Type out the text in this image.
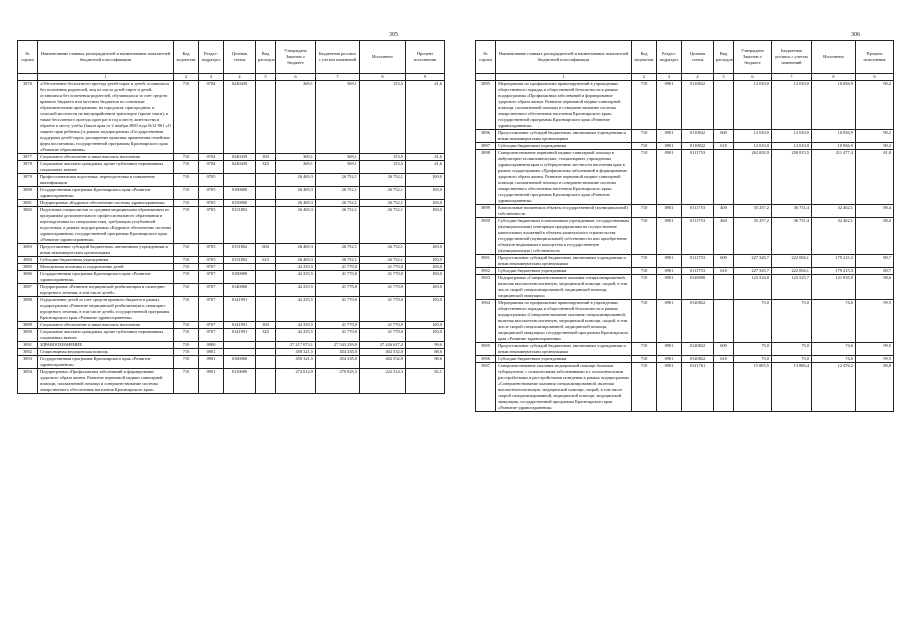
305
№ строки	Наименование главных распорядителей и наименование показателей бюджетной классификации	Код ведомства	Раздел-подраздел	Целевая статья	Вид расходов	Утверждено Законом о бюджете	Бюджетная роспись с учетом изменений	Исполнено	Процент исполнения
	1	2	3	4	5	6	7	8	9
3876	«Обеспечение бесплатного проезда детей-сирот и детей, оставшихся без попечения родителей, лиц из числа детей-сирот и детей, оставшихся без попечения родителей, обучающихся за счет средств краевого бюджета или местных бюджетов по основным образовательным программам, на городском, пригородном, в сельской местности на внутрирайонном транспорте (кроме такси), а также бесплатного проезда один раз в год к месту жительства и обратно к месту учебы (Закон края от 2 ноября 2000 года №12-961 «О защите прав ребенка») в рамках подпрограммы «Государственная поддержка детей-сирот, расширение практики применения семейных форм воспитания» государственной программы Красноярского края «Развитие образования»	710	0704	0240439		369,1	369,1	153,5	41,6
3877	Социальное обеспечение и иные выплаты населению	710	0704	0240439	300	369,1	369,1	153,5	41,6
3878	Социальные выплаты гражданам, кроме публичных нормативных социальных выплат	710	0704	0240439	320	369,1	369,1	153,5	41,6
3879	Профессиональная подготовка, переподготовка и повышение квалификации	710	0705			26 469,3	26 752,1	26 752,1	100,0
3880	Государственная программа Красноярского края «Развитие здравоохранения»	710	0705	0100000		26 469,3	26 752,1	26 752,1	100,0
3881	Подпрограмма «Кадровое обеспечение системы здравоохранения»	710	0705	0150000		26 469,3	26 752,1	26 752,1	100,0
3882	Подготовка специалистов со средним медицинским образованием по программам дополнительного профессионального образования и переподготовка по специальностям, требующим углубленной подготовки, в рамках подпрограммы «Кадровое обеспечение системы здравоохранения» государственной программы Красноярского края «Развитие здравоохранения»	710	0705	0151802		26 469,3	26 752,1	26 752,1	100,0
3883	Предоставление субсидий бюджетным, автономным учреждениям и иным некоммерческим организациям	710	0705	0151802	600	26 469,3	26 752,1	26 752,1	100,0
3884	Субсидии бюджетным учреждениям	710	0705	0151802	610	26 469,3	26 752,1	26 752,1	100,0
3885	Молодежная политика и оздоровление детей	710	0707			42 235,5	41 770,0	41 770,0	100,0
3886	Государственная программа Красноярского края «Развитие здравоохранения»	710	0707	0100000		42 235,5	41 770,0	41 770,0	100,0
3887	Подпрограмма «Развитие медицинской реабилитации и санаторно-курортного лечения, в том числе детей»	710	0707	0140000		42 235,5	41 770,0	41 770,0	100,0
3888	Оздоровление детей за счет средств краевого бюджета в рамках подпрограммы «Развитие медицинской реабилитации и санаторно-курортного лечения, в том числе детей» государственной программы Красноярского края «Развитие здравоохранения»	710	0707	0141991		42 235,5	41 770,0	41 770,0	100,0
3889	Социальное обеспечение и иные выплаты населению	710	0707	0141991	300	42 235,5	41 770,0	41 770,0	100,0
3890	Социальные выплаты гражданам, кроме публичных нормативных социальных выплат	710	0707	0141991	320	42 235,5	41 770,0	41 770,0	100,0
3891	ЗДРАВООХРАНЕНИЕ	710	0900			27 217 073,1	27 543 239,9	27 426 617,2	99,6
3892	Стационарная медицинская помощь	710	0901			458 321,5	454 335,0	402 532,0	88,6
3893	Государственная программа Красноярского края «Развитие здравоохранения»	710	0901	0100000		458 321,5	454 335,0	402 532,0	88,6
3894	Подпрограмма «Профилактика заболеваний и формирование здорового образа жизни. Развитие первичной медико-санитарной помощи, паллиативной помощи и совершенствование системы лекарственного обеспечения населения Красноярского края»	710	0901	0110000		274 012,9	270 825,5	222 314,3	82,1
306
№ строки	Наименование главных распорядителей и наименование показателей бюджетной классификации	Код ведомства	Раздел-подраздел	Целевая статья	Вид расходов	Утверждено Законом о бюджете	Бюджетная роспись с учетом изменений	Исполнено	Процент исполнения
	1	2	3	4	5	6	7	8	9
3895	Мероприятия по профилактике правонарушений в учреждениях общественного порядка и общественной безопасности в рамках подпрограммы «Профилактика заболеваний и формирование здорового образа жизни. Развитие первичной медико-санитарной помощи, паллиативной помощи и совершенствование системы лекарственного обеспечения населения Красноярского края» государственной программы Красноярского края «Развитие здравоохранения»	710	0901	0110822		12 010,0	12 010,0	10 836,9	90,2
3896	Предоставление субсидий бюджетным, автономным учреждениям и иным некоммерческим организациям	710	0901	0110822	600	12 010,0	12 010,0	10 836,9	90,2
3897	Субсидии бюджетным учреждениям	710	0901	0110822	610	12 010,0	12 010,0	10 836,9	90,2
3898	Совершенствование первичной медико-санитарной помощи в амбулаторно-поликлинических, стационарных учреждениях здравоохранения края и туберкулезные местности населения края в рамках подпрограммы «Профилактика заболеваний и формирование здорового образа жизни. Развитие первичной медико-санитарной помощи, паллиативной помощи и совершенствование системы лекарственного обеспечения населения Красноярского края» государственной программы Красноярского края «Развитие здравоохранения»	710	0901	0111753		262 002,9	258 815,5	211 477,4	81,8
3899	Капитальные вложения в объекты государственной (муниципальной) собственности	710	0901	0111753	400	35 257,2	36 731,4	32 462,1	88,4
3900	Субсидии бюджетным и автономным учреждениям, государственным (муниципальным) унитарным предприятиям на осуществление капитальных вложений в объекты капитального строительства государственной (муниципальной) собственности или приобретение объектов недвижимого имущества в государственную (муниципальную) собственность	710	0901	0111753	460	35 257,2	36 731,4	32 462,1	88,4
3901	Предоставление субсидий бюджетным, автономным учреждениям и иным некоммерческим организациям	710	0901	0111753	600	227 345,7	222 084,1	179 215,3	80,7
3902	Субсидии бюджетным учреждениям	710	0901	0111753	610	227 345,7	222 084,1	179 215,3	80,7
3903	Подпрограмма «Совершенствование оказания специализированной, включая высокотехнологичную, медицинской помощи, скорой, в том числе скорой специализированной, медицинской помощи, медицинской эвакуации»	710	0901	0120000		123 524,8	123 525,7	121 835,0	98,6
3904	Мероприятия по профилактике правонарушений в учреждениях общественного порядка и общественной безопасности в рамках подпрограммы «Совершенствование оказания специализированной, включая высокотехнологичную, медицинской помощи, скорой, в том числе скорой специализированной, медицинской помощи, медицинской эвакуации» государственной программы Красноярского края «Развитие здравоохранения»	710	0901	0120822		75,0	75,0	74,6	99,5
3905	Предоставление субсидий бюджетным, автономным учреждениям и иным некоммерческим организациям	710	0901	0120822	600	75,0	75,0	74,6	99,5
3906	Субсидии бюджетным учреждениям	710	0901	0120822	610	75,0	75,0	74,6	99,5
3907	Совершенствование оказания медицинской помощи больным туберкулезом, с психическими заболеваниями и с психотическими расстройствами и расстройствами поведения в рамках подпрограммы «Совершенствование оказания специализированной, включая высокотехнологичную, медицинской помощи, скорой, в том числе скорой специализированной, медицинской помощи, медицинской эвакуации» государственной программы Красноярского края «Развитие здравоохранения»	710	0901	0121761		15 885,5	13 886,4	12 476,2	89,8
